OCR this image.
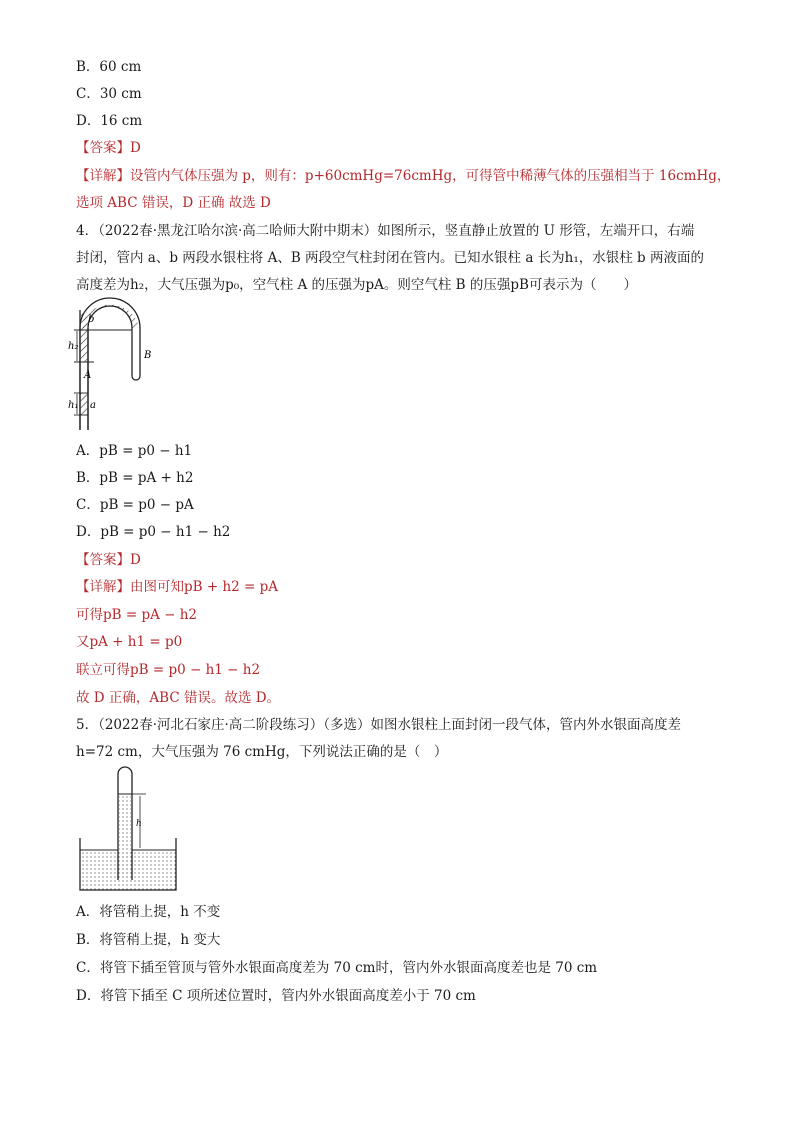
B．60 cm
C．30 cm
D．16 cm
【答案】D
【详解】设管内气体压强为 p，则有：p+60cmHg=76cmHg，可得管中稀薄气体的压强相当于 16cmHg，
选项 ABC 错误，D 正确 故选 D
4．（2022春·黑龙江哈尔滨·高二哈师大附中期末）如图所示，竖直静止放置的 U 形管，左端开口，右端
封闭，管内 a、b 两段水银柱将 A、B 两段空气柱封闭在管内。已知水银柱 a 长为h₁，水银柱 b 两液面的
高度差为h₂，大气压强为p₀，空气柱 A 的压强为pA。则空气柱 B 的压强pB可表示为（　　）
b
h₂
A
B
h₁ a
A．pB = p0 − h1
B．pB = pA + h2
C．pB = p0 − pA
D．pB = p0 − h1 − h2
【答案】D
【详解】由图可知pB + h2 = pA
可得pB = pA − h2
又pA + h1 = p0
联立可得pB = p0 − h1 − h2
故 D 正确，ABC 错误。故选 D。
5．（2022春·河北石家庄·高二阶段练习）（多选）如图水银柱上面封闭一段气体，管内外水银面高度差
h=72 cm，大气压强为 76 cmHg，下列说法正确的是（　）
h
A．将管稍上提，h 不变
B．将管稍上提，h 变大
C．将管下插至管顶与管外水银面高度差为 70 cm时，管内外水银面高度差也是 70 cm
D．将管下插至 C 项所述位置时，管内外水银面高度差小于 70 cm
